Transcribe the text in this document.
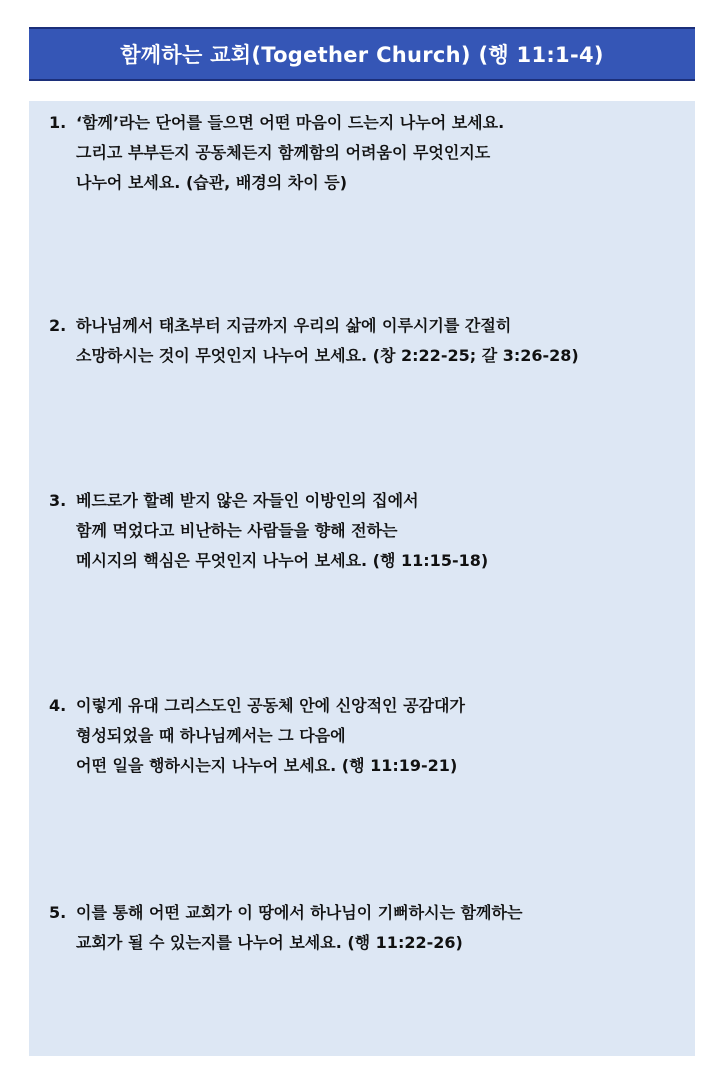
함께하는 교회(Together Church) (행 11:1-4)
1. ‘함께’라는 단어를 들으면 어떤 마음이 드는지 나누어 보세요.
그리고 부부든지 공동체든지 함께함의 어려움이 무엇인지도
나누어 보세요. (습관, 배경의 차이 등)
2. 하나님께서 태초부터 지금까지 우리의 삶에 이루시기를 간절히
소망하시는 것이 무엇인지 나누어 보세요. (창 2:22-25; 갈 3:26-28)
3. 베드로가 할례 받지 않은 자들인 이방인의 집에서
함께 먹었다고 비난하는 사람들을 향해 전하는
메시지의 핵심은 무엇인지 나누어 보세요. (행 11:15-18)
4. 이렇게 유대 그리스도인 공동체 안에 신앙적인 공감대가
형성되었을 때 하나님께서는 그 다음에
어떤 일을 행하시는지 나누어 보세요. (행 11:19-21)
5. 이를 통해 어떤 교회가 이 땅에서 하나님이 기뻐하시는 함께하는
교회가 될 수 있는지를 나누어 보세요. (행 11:22-26)
